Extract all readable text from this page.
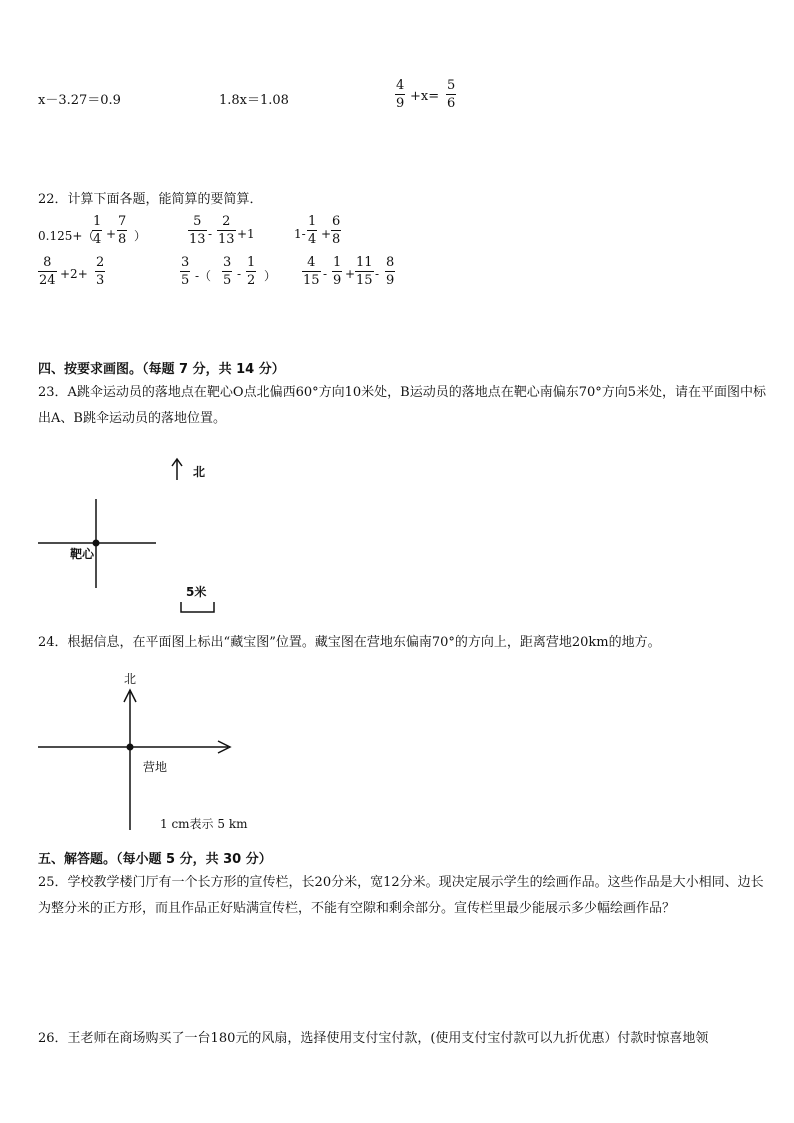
x－3.27＝0.9	1.8x＝1.08
4
9 +x=
5
6
22．计算下面各题，能简算的要简算．
0.125+（
1
4 +
7
8 ）
5
13 -
2
13 +1	1-
1
4 +
6
8
8
24 +2+
2
3
3
5 -（
3
5 -
1
2 ）
4
15 -
1
9 +
11
15 -
8
9
四、按要求画图。（每题 7 分，共 14 分）
23．A跳伞运动员的落地点在靶心O点北偏西60°方向10米处，B运动员的落地点在靶心南偏东70°方向5米处，请在平面图中标出A、B跳伞运动员的落地位置。
北
靶心
5米
24．根据信息，在平面图上标出“藏宝图”位置。藏宝图在营地东偏南70°的方向上，距离营地20km的地方。
北
营地
1 cm表示 5 km
五、解答题。（每小题 5 分，共 30 分）
25．学校教学楼门厅有一个长方形的宣传栏，长20分米，宽12分米。现决定展示学生的绘画作品。这些作品是大小相同、边长为整分米的正方形，而且作品正好贴满宣传栏，不能有空隙和剩余部分。宣传栏里最少能展示多少幅绘画作品？
26．王老师在商场购买了一台180元的风扇，选择使用支付宝付款，(使用支付宝付款可以九折优惠）付款时惊喜地领
